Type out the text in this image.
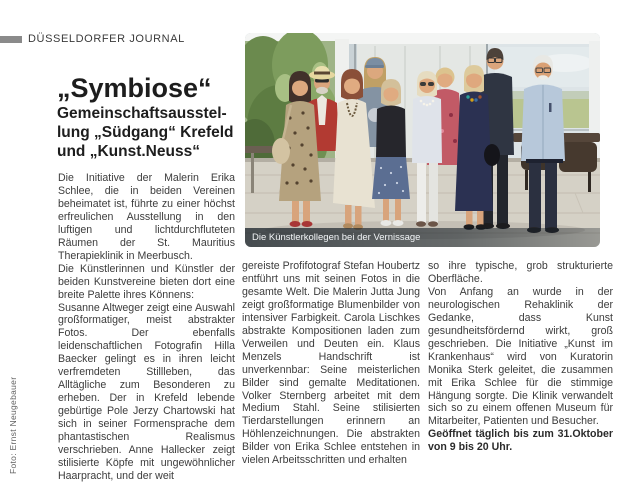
DÜSSELDORFER JOURNAL
„Symbiose“
Gemeinschaftsausstel-
lung „Südgang“ Krefeld
und „Kunst.Neuss“

Die Initiative der Malerin Erika Schlee, die in beiden Vereinen beheimatet ist, führte zu einer höchst erfreulichen Ausstellung in den luftigen und lichtdurchfluteten Räumen der St. Mauritius Therapieklinik in Meerbusch.

Die Künstlerinnen und Künstler der beiden Kunstvereine bieten dort eine breite Palette ihres Könnens:

Susanne Altweger zeigt eine Auswahl großformatiger, meist abstrakter Fotos. Der ebenfalls leidenschaftlichen Fotografin Hilla Baecker gelingt es in ihren leicht verfremdeten Stillleben, das Alltägliche zum Besonderen zu erheben. Der in Krefeld lebende gebürtige Pole Jerzy Chartowski hat sich in seiner Formensprache dem phantastischen Realismus verschrieben. Anne Hallecker zeigt stilisierte Köpfe mit ungewöhnlicher Haarpracht, und der weit

Die Künstlerkollegen bei der Vernissage

gereiste Profifotograf Stefan Houbertz entführt uns mit seinen Fotos in die gesamte Welt. Die Malerin Jutta Jung zeigt großformatige Blumenbilder von intensiver Farbigkeit. Carola Lischkes abstrakte Kompositionen laden zum Verweilen und Deuten ein. Klaus Menzels Handschrift ist unverkennbar: Seine meisterlichen Bilder sind gemalte Meditationen. Volker Sternberg arbeitet mit dem Medium Stahl. Seine stilisierten Tierdarstellungen erinnern an Höhlenzeichnungen. Die abstrakten Bilder von Erika Schlee entstehen in vielen Arbeitsschritten und erhalten

so ihre typische, grob strukturierte Oberfläche.

Von Anfang an wurde in der neurologischen Rehaklinik der Gedanke, dass Kunst gesundheitsfördernd wirkt, groß geschrieben. Die Initiative „Kunst im Krankenhaus“ wird von Kuratorin Monika Sterk geleitet, die zusammen mit Erika Schlee für die stimmige Hängung sorgte. Die Klinik verwandelt sich so zu einem offenen Museum für Mitarbeiter, Patienten und Besucher.

Geöffnet täglich bis zum 31.Oktober von 9 bis 20 Uhr.

Foto: Ernst Neugebauer
